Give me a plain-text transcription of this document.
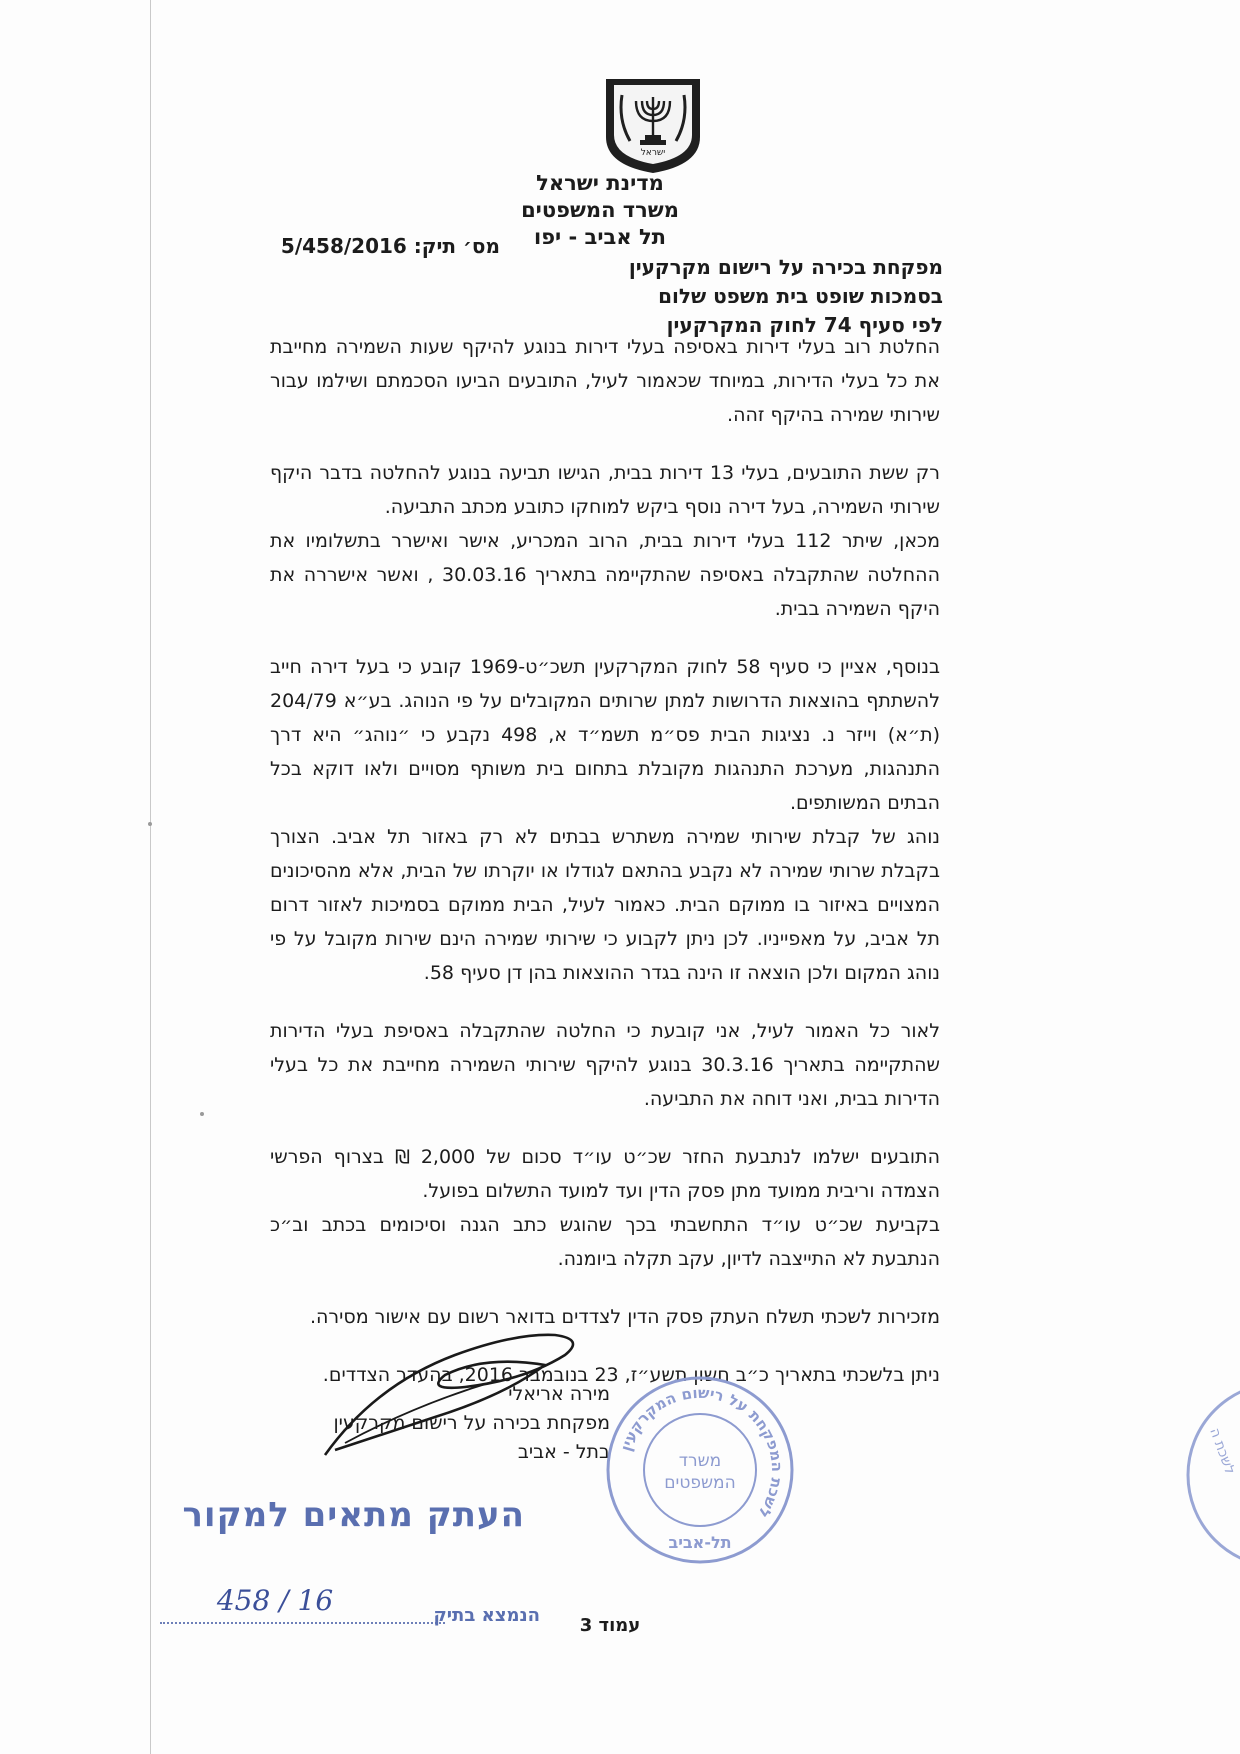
ישראל
מדינת ישראל
משרד המשפטים
תל אביב - יפו
מס׳ תיק: 5/458/2016
מפקחת בכירה על רישום מקרקעין
בסמכות שופט בית משפט שלום
לפי סעיף 74 לחוק המקרקעין

החלטת רוב בעלי דירות באסיפה בעלי דירות בנוגע להיקף שעות השמירה מחייבת את כל בעלי הדירות, במיוחד שכאמור לעיל, התובעים הביעו הסכמתם ושילמו עבור שירותי שמירה בהיקף זהה.

רק ששת התובעים, בעלי 13 דירות בבית, הגישו תביעה בנוגע להחלטה בדבר היקף שירותי השמירה, בעל דירה נוסף ביקש למוחקו כתובע מכתב התביעה.

מכאן, שיתר 112 בעלי דירות בבית, הרוב המכריע, אישר ואישרר בתשלומיו את ההחלטה שהתקבלה באסיפה שהתקיימה בתאריך 30.03.16 , ואשר אישררה את היקף השמירה בבית.

בנוסף, אציין כי סעיף 58 לחוק המקרקעין תשכ״ט-1969 קובע כי בעל דירה חייב להשתתף בהוצאות הדרושות למתן שרותים המקובלים על פי הנוהג. בע״א 204/79 (ת״א) וייזר נ. נציגות הבית פס״מ תשמ״ד א, 498 נקבע כי ״נוהג״ היא דרך התנהגות, מערכת התנהגות מקובלת בתחום בית משותף מסויים ולאו דוקא בכל הבתים המשותפים.

נוהג של קבלת שירותי שמירה משתרש בבתים לא רק באזור תל אביב. הצורך בקבלת שרותי שמירה לא נקבע בהתאם לגודלו או יוקרתו של הבית, אלא מהסיכונים המצויים באיזור בו ממוקם הבית. כאמור לעיל, הבית ממוקם בסמיכות לאזור דרום תל אביב, על מאפייניו. לכן ניתן לקבוע כי שירותי שמירה הינם שירות מקובל על פי נוהג המקום ולכן הוצאה זו הינה בגדר ההוצאות בהן דן סעיף 58.

לאור כל האמור לעיל, אני קובעת כי החלטה שהתקבלה באסיפת בעלי הדירות שהתקיימה בתאריך 30.3.16 בנוגע להיקף שירותי השמירה מחייבת את כל בעלי הדירות בבית, ואני דוחה את התביעה.

התובעים ישלמו לנתבעת החזר שכ״ט עו״ד סכום של 2,000 ₪ בצרוף הפרשי הצמדה וריבית ממועד מתן פסק הדין ועד למועד התשלום בפועל.

בקביעת שכ״ט עו״ד התחשבתי בכך שהוגש כתב הגנה וסיכומים בכתב וב״כ הנתבעת לא התייצבה לדיון, עקב תקלה ביומנה.

מזכירות לשכתי תשלח העתק פסק הדין לצדדים בדואר רשום עם אישור מסירה.

ניתן בלשכתי בתאריך כ״ב חשון תשע״ז, 23 בנובמבר 2016, בהעדר הצדדים.

מירה אריאלי
מפקחת בכירה על רישום מקרקעין
בתל - אביב לשכת המפקחת על רישום המקרקעין
משרד
המשפטים
תל-אביב
לשכת ה
העתק מתאים למקור
458 / 16	הנמצא בתיק	עמוד 3
